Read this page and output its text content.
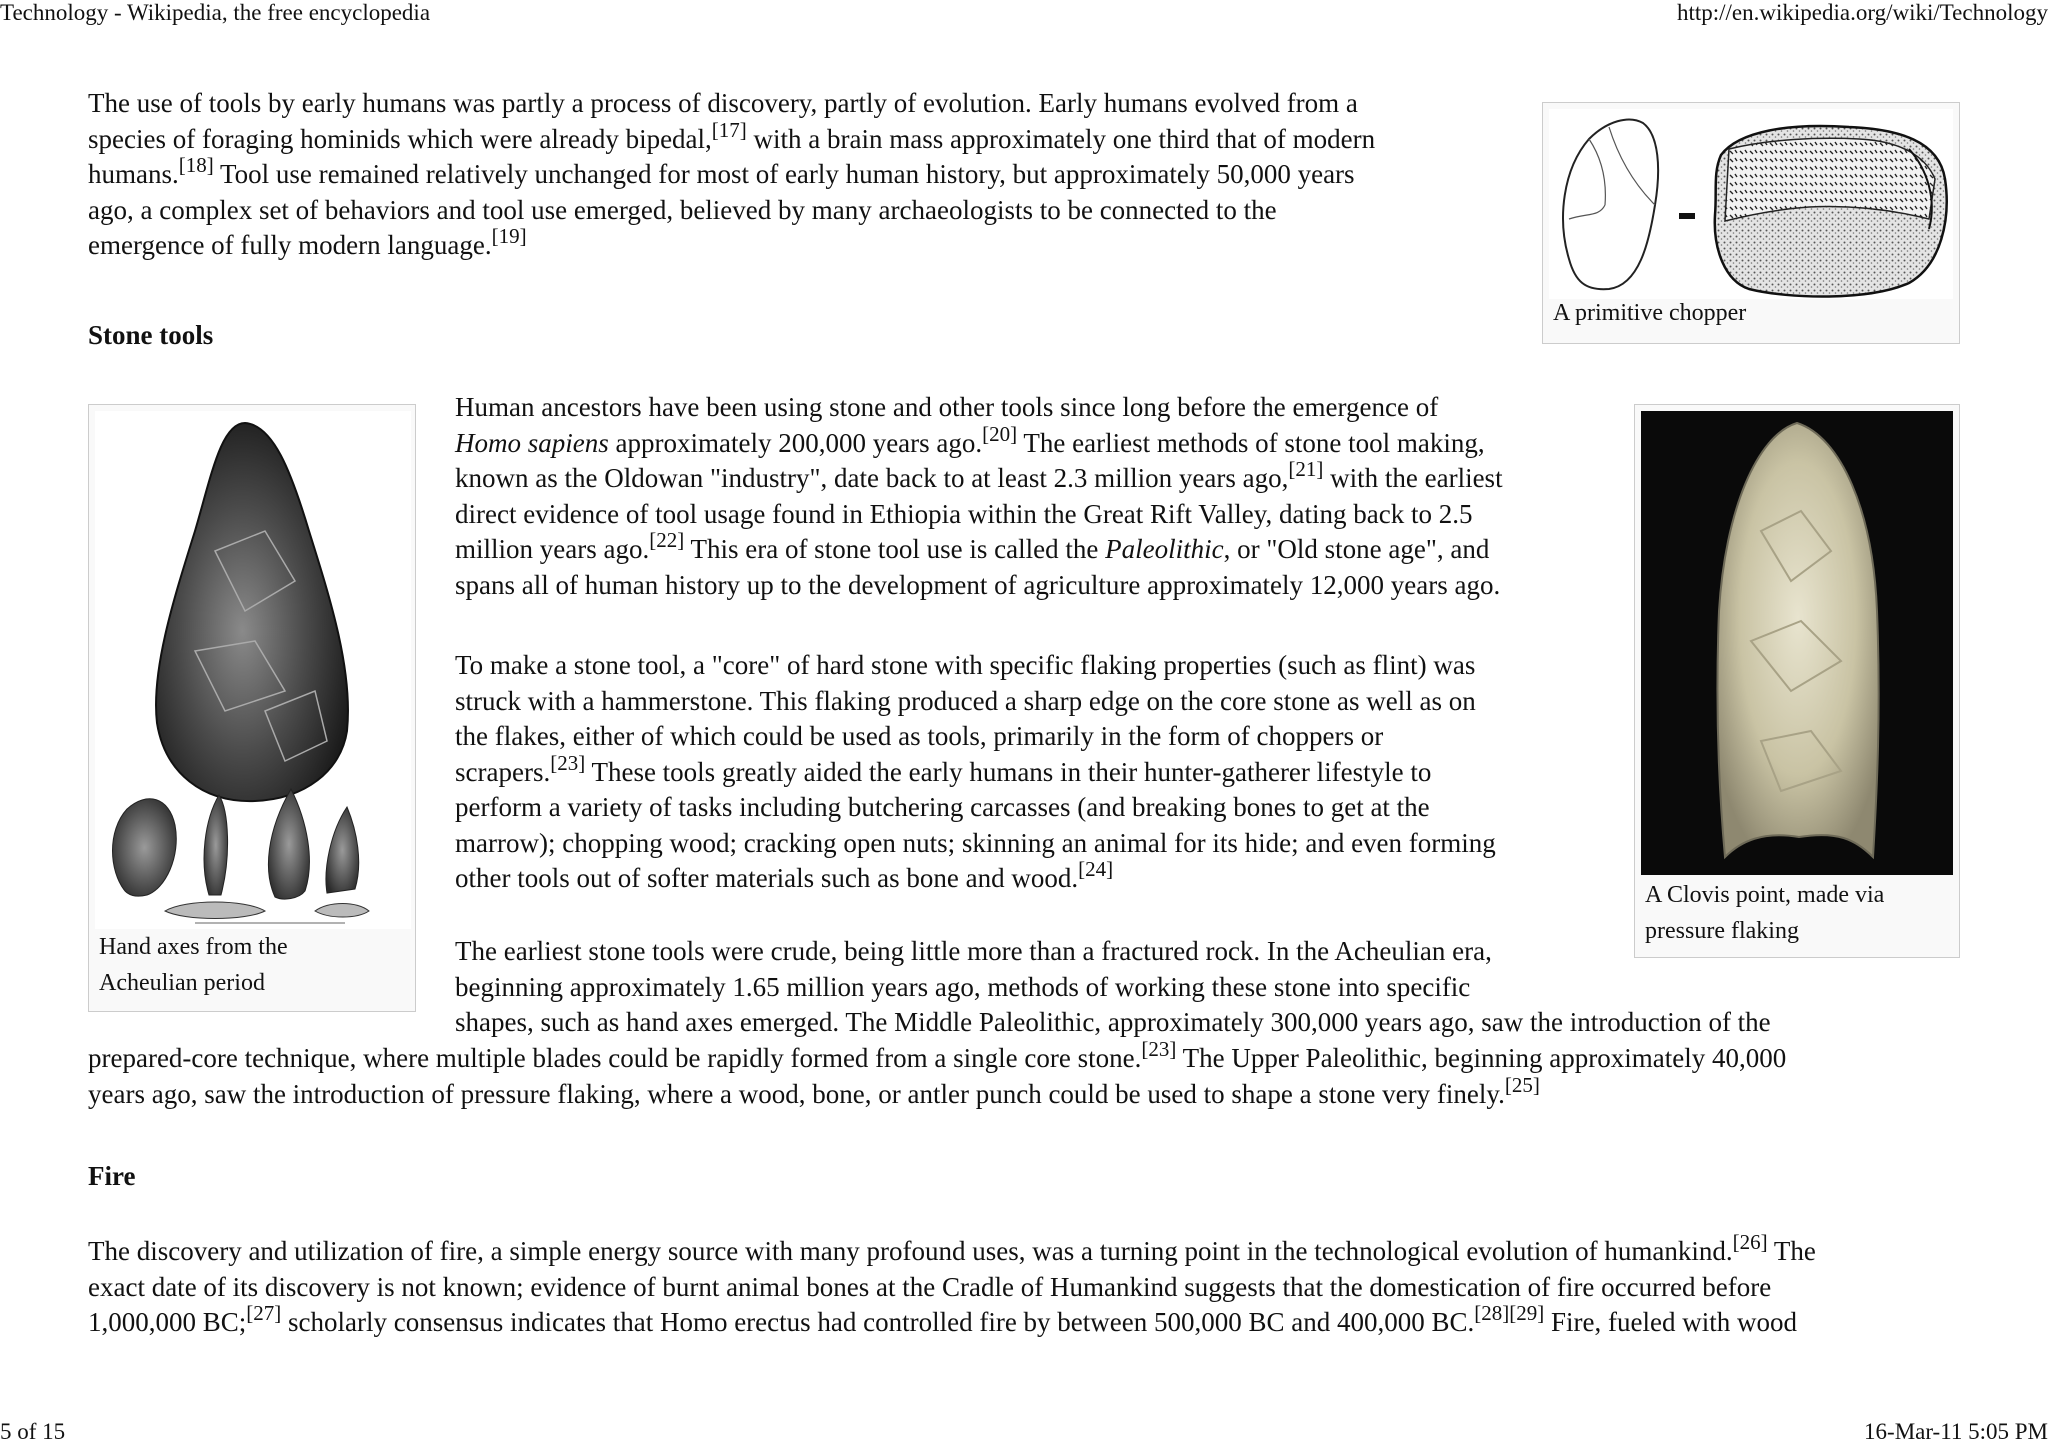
Technology - Wikipedia, the free encyclopedia	http://en.wikipedia.org/wiki/Technology

The use of tools by early humans was partly a process of discovery, partly of evolution. Early humans evolved from a
species of foraging hominids which were already bipedal,[17] with a brain mass approximately one third that of modern
humans.[18] Tool use remained relatively unchanged for most of early human history, but approximately 50,000 years
ago, a complex set of behaviors and tool use emerged, believed by many archaeologists to be connected to the
emergence of fully modern language.[19]

A primitive chopper
Stone tools
Hand axes from the
Acheulian period
A Clovis point, made via
pressure flaking

Human ancestors have been using stone and other tools since long before the emergence of
Homo sapiens approximately 200,000 years ago.[20] The earliest methods of stone tool making,
known as the Oldowan "industry", date back to at least 2.3 million years ago,[21] with the earliest
direct evidence of tool usage found in Ethiopia within the Great Rift Valley, dating back to 2.5
million years ago.[22] This era of stone tool use is called the Paleolithic, or "Old stone age", and
spans all of human history up to the development of agriculture approximately 12,000 years ago.

To make a stone tool, a "core" of hard stone with specific flaking properties (such as flint) was
struck with a hammerstone. This flaking produced a sharp edge on the core stone as well as on
the flakes, either of which could be used as tools, primarily in the form of choppers or
scrapers.[23] These tools greatly aided the early humans in their hunter-gatherer lifestyle to
perform a variety of tasks including butchering carcasses (and breaking bones to get at the
marrow); chopping wood; cracking open nuts; skinning an animal for its hide; and even forming
other tools out of softer materials such as bone and wood.[24]

The earliest stone tools were crude, being little more than a fractured rock. In the Acheulian era,
beginning approximately 1.65 million years ago, methods of working these stone into specific
shapes, such as hand axes emerged. The Middle Paleolithic, approximately 300,000 years ago, saw the introduction of the

prepared-core technique, where multiple blades could be rapidly formed from a single core stone.[23] The Upper Paleolithic, beginning approximately 40,000
years ago, saw the introduction of pressure flaking, where a wood, bone, or antler punch could be used to shape a stone very finely.[25]

Fire

The discovery and utilization of fire, a simple energy source with many profound uses, was a turning point in the technological evolution of humankind.[26] The
exact date of its discovery is not known; evidence of burnt animal bones at the Cradle of Humankind suggests that the domestication of fire occurred before
1,000,000 BC;[27] scholarly consensus indicates that Homo erectus had controlled fire by between 500,000 BC and 400,000 BC.[28][29] Fire, fueled with wood

5 of 15	16-Mar-11 5:05 PM
